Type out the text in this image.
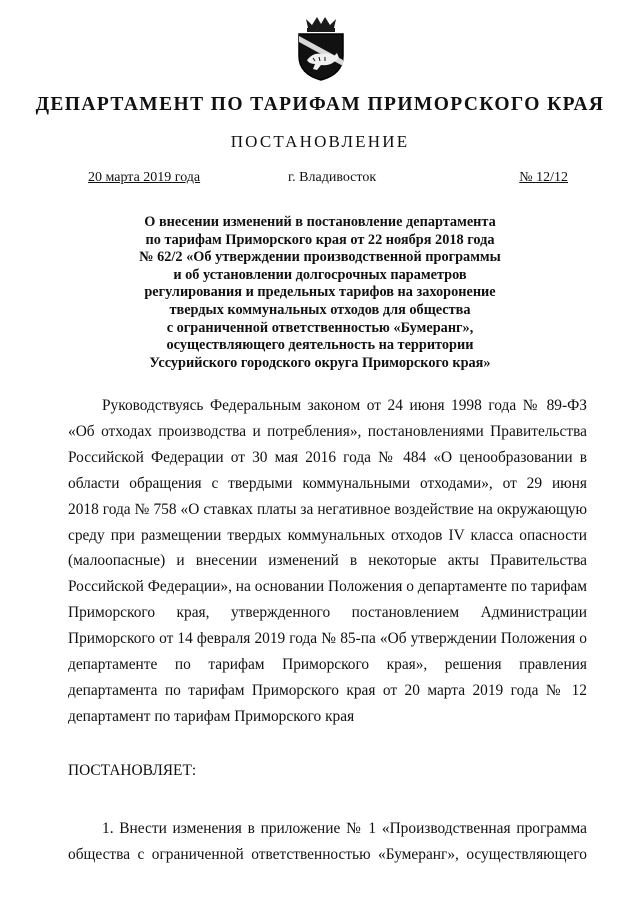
ДЕПАРТАМЕНТ ПО ТАРИФАМ ПРИМОРСКОГО КРАЯ
ПОСТАНОВЛЕНИЕ
20 марта 2019 года	г. Владивосток	№ 12/12
О внесении изменений в постановление департамента
по тарифам Приморского края от 22 ноября 2018 года
№ 62/2 «Об утверждении производственной программы
и об установлении долгосрочных параметров
регулирования и предельных тарифов на захоронение
твердых коммунальных отходов для общества
с ограниченной ответственностью «Бумеранг»,
осуществляющего деятельность на территории
Уссурийского городского округа Приморского края»
Руководствуясь Федеральным законом от 24 июня 1998 года № 89-ФЗ
«Об отходах производства и потребления», постановлениями Правительства
Российской Федерации от 30 мая 2016 года № 484 «О ценообразовании в
области обращения с твердыми коммунальными отходами», от 29 июня
2018 года № 758 «О ставках платы за негативное воздействие на окружающую
среду при размещении твердых коммунальных отходов IV класса опасности
(малоопасные) и внесении изменений в некоторые акты Правительства
Российской Федерации», на основании Положения о департаменте по тарифам
Приморского края, утвержденного постановлением Администрации
Приморского от 14 февраля 2019 года № 85-па «Об утверждении Положения о
департаменте по тарифам Приморского края», решения правления
департамента по тарифам Приморского края от 20 марта 2019 года № 12
департамент по тарифам Приморского края
ПОСТАНОВЛЯЕТ:
1. Внести изменения в приложение № 1 «Производственная программа
общества с ограниченной ответственностью «Бумеранг», осуществляющего
